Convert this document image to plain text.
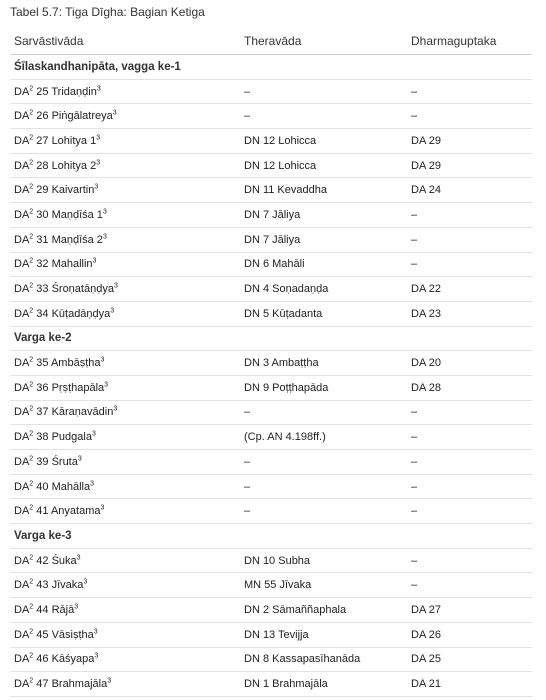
Tabel 5.7: Tiga Dīgha: Bagian Ketiga
Sarvāstivāda	Theravāda	Dharmaguptaka
Śīlaskandhanipāta, vagga ke-1		
$DA^2$ 25 Tridaṇḍin$^3$	–	–
$DA^2$ 26 Piṅgālatreya$^3$	–	–
$DA^2$ 27 Lohitya $1^3$	DN 12 Lohicca	DA 29
$DA^2$ 28 Lohitya $2^3$	DN 12 Lohicca	DA 29
$DA^2$ 29 Kaivartin$^3$	DN 11 Kevaddha	DA 24
$DA^2$ 30 Maṇḍīśa $1^3$	DN 7 Jāliya	–
$DA^2$ 31 Maṇḍīśa $2^3$	DN 7 Jāliya	–
$DA^2$ 32 Mahallin$^3$	DN 6 Mahāli	–
$DA^2$ 33 Śroṇatāṇḍya$^3$	DN 4 Soṇadaṇḍa	DA 22
$DA^2$ 34 Kūṭadāṇḍya$^3$	DN 5 Kūṭadanta	DA 23
Varga ke-2		
$DA^2$ 35 Ambāṣṭha$^3$	DN 3 Ambaṭṭha	DA 20
$DA^2$ 36 Pṛṣṭhapāla$^3$	DN 9 Poṭṭhapāda	DA 28
$DA^2$ 37 Kāraṇavādin$^3$	–	–
$DA^2$ 38 Pudgala$^3$	(Cp. AN 4.198ff.)	–
$DA^2$ 39 Śruta$^3$	–	–
$DA^2$ 40 Mahālla$^3$	–	–
$DA^2$ 41 Anyatama$^3$	–	–
Varga ke-3		
$DA^2$ 42 Śuka$^3$	DN 10 Subha	–
$DA^2$ 43 Jīvaka$^3$	MN 55 Jīvaka	–
$DA^2$ 44 Rājā$^3$	DN 2 Sāmaññaphala	DA 27
$DA^2$ 45 Vāsiṣṭha$^3$	DN 13 Tevijja	DA 26
$DA^2$ 46 Kāśyapa$^3$	DN 8 Kassapasīhanāda	DA 25
$DA^2$ 47 Brahmajāla$^3$	DN 1 Brahmajāla	DA 21
